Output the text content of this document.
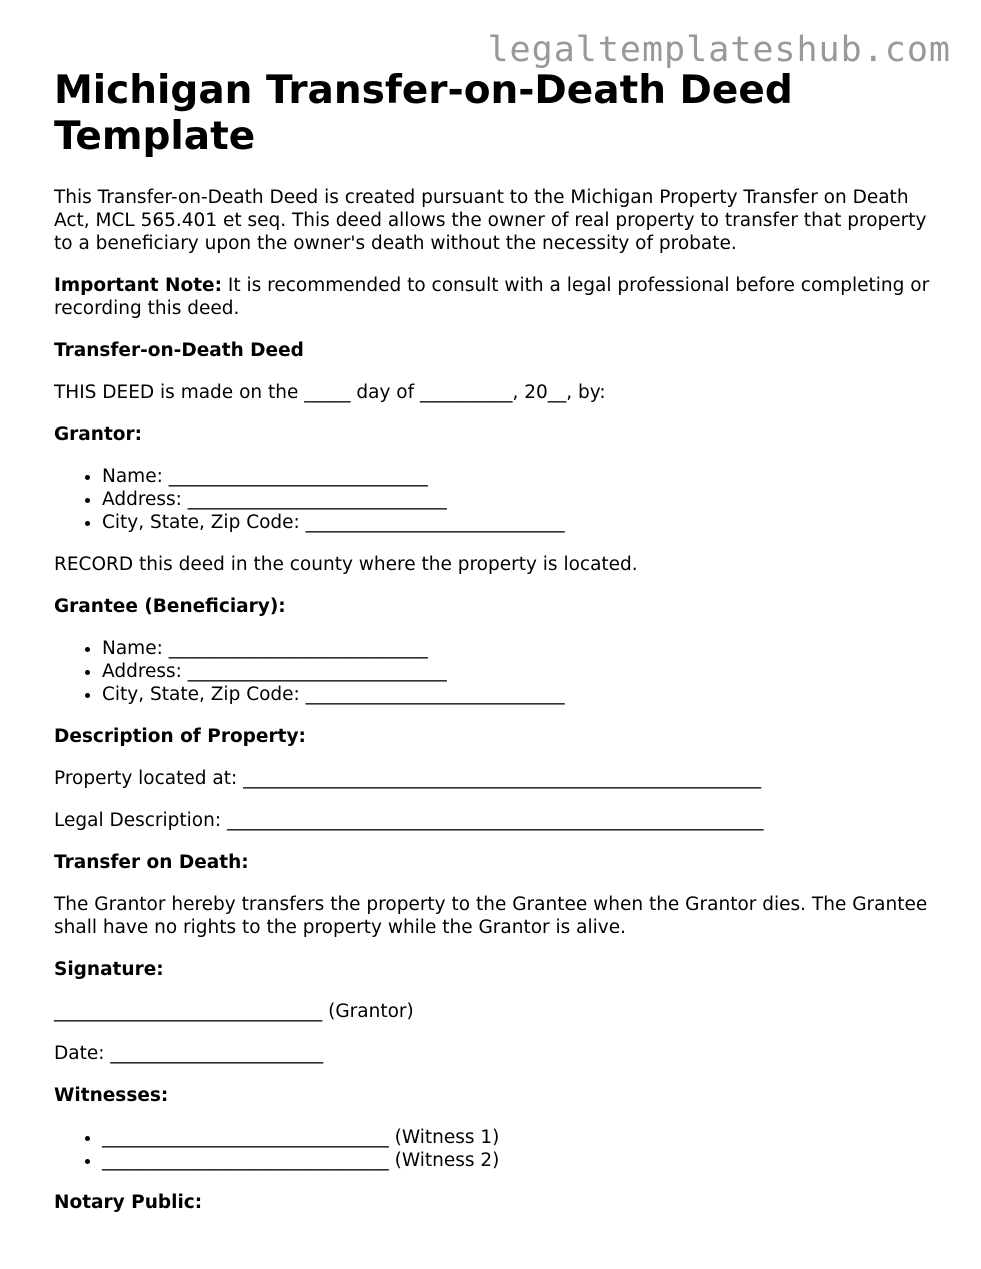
legaltemplateshub.com
Michigan Transfer-on-Death Deed Template

This Transfer-on-Death Deed is created pursuant to the Michigan Property Transfer on Death Act, MCL 565.401 et seq. This deed allows the owner of real property to transfer that property to a beneficiary upon the owner's death without the necessity of probate.

Important Note: It is recommended to consult with a legal professional before completing or recording this deed.

Transfer-on-Death Deed

THIS DEED is made on the _____ day of __________, 20__, by:

Grantor:

• Name: ____________________________
• Address: ____________________________
• City, State, Zip Code: ____________________________

RECORD this deed in the county where the property is located.

Grantee (Beneficiary):

• Name: ____________________________
• Address: ____________________________
• City, State, Zip Code: ____________________________

Description of Property:

Property located at: ________________________________________________________

Legal Description: __________________________________________________________

Transfer on Death:

The Grantor hereby transfers the property to the Grantee when the Grantor dies. The Grantee shall have no rights to the property while the Grantor is alive.

Signature:

_____________________________ (Grantor)

Date: _______________________

Witnesses:

• _______________________________ (Witness 1)
• _______________________________ (Witness 2)

Notary Public:
